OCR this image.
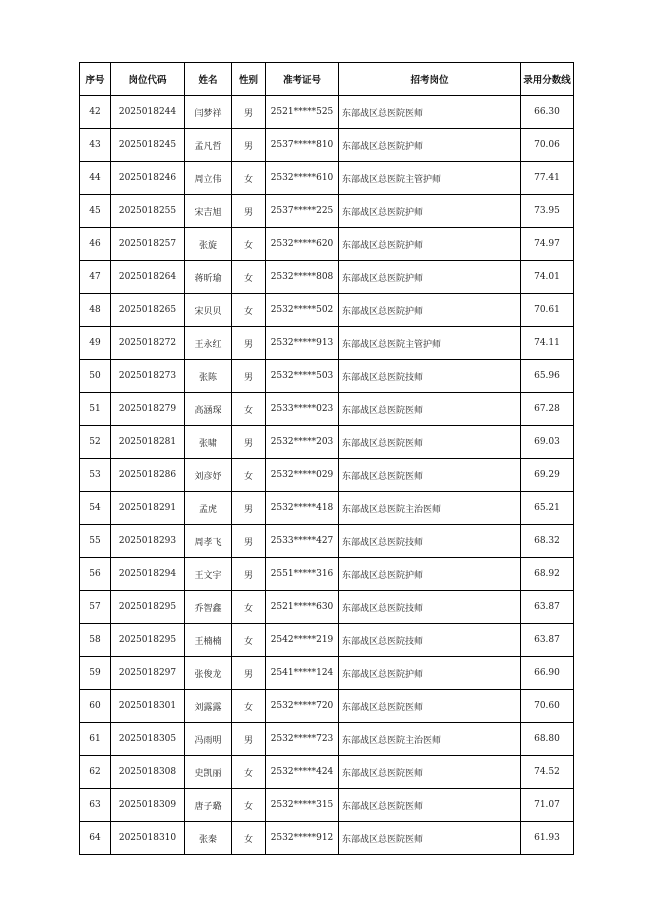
序号	岗位代码	姓名	性别	准考证号	招考岗位	录用分数线
42	2025018244	闫梦祥	男	2521*****525	东部战区总医院医师	66.30
43	2025018245	孟凡哲	男	2537*****810	东部战区总医院护师	70.06
44	2025018246	周立伟	女	2532*****610	东部战区总医院主管护师	77.41
45	2025018255	宋吉旭	男	2537*****225	东部战区总医院护师	73.95
46	2025018257	张旋	女	2532*****620	东部战区总医院护师	74.97
47	2025018264	蒋昕瑜	女	2532*****808	东部战区总医院护师	74.01
48	2025018265	宋贝贝	女	2532*****502	东部战区总医院护师	70.61
49	2025018272	王永红	男	2532*****913	东部战区总医院主管护师	74.11
50	2025018273	张陈	男	2532*****503	东部战区总医院技师	65.96
51	2025018279	高涵琛	女	2533*****023	东部战区总医院医师	67.28
52	2025018281	张啸	男	2532*****203	东部战区总医院医师	69.03
53	2025018286	刘彦妤	女	2532*****029	东部战区总医院医师	69.29
54	2025018291	孟虎	男	2532*****418	东部战区总医院主治医师	65.21
55	2025018293	周孝飞	男	2533*****427	东部战区总医院技师	68.32
56	2025018294	王文宇	男	2551*****316	东部战区总医院护师	68.92
57	2025018295	乔智鑫	女	2521*****630	东部战区总医院技师	63.87
58	2025018295	王楠楠	女	2542*****219	东部战区总医院技师	63.87
59	2025018297	张俊龙	男	2541*****124	东部战区总医院护师	66.90
60	2025018301	刘露露	女	2532*****720	东部战区总医院医师	70.60
61	2025018305	冯雨明	男	2532*****723	东部战区总医院主治医师	68.80
62	2025018308	史凯丽	女	2532*****424	东部战区总医院医师	74.52
63	2025018309	唐子璐	女	2532*****315	东部战区总医院医师	71.07
64	2025018310	张秦	女	2532*****912	东部战区总医院医师	61.93
